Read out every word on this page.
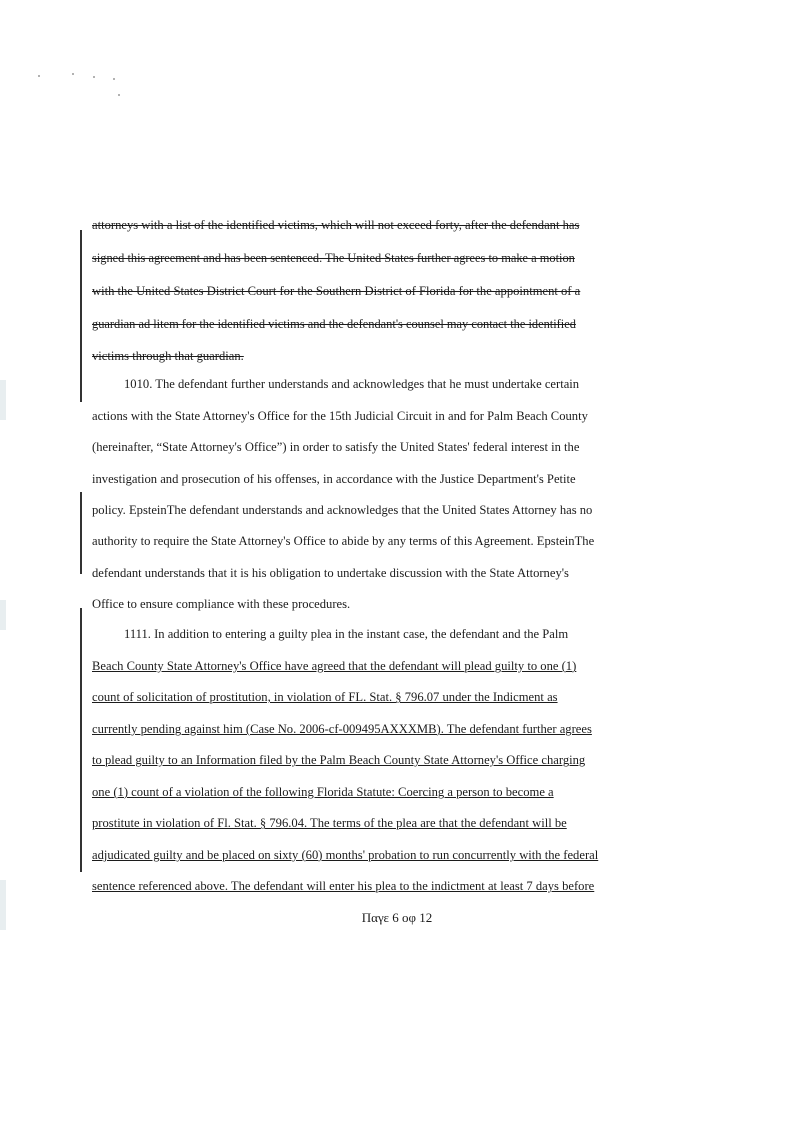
attorneys with a list of the identified victims, which will not exceed forty, after the defendant has
signed this agreement and has been sentenced. The United States further agrees to make a motion
with the United States District Court for the Southern District of Florida for the appointment of a
guardian ad litem for the identified victims and the defendant's counsel may contact the identified
victims through that guardian.
1010. The defendant further understands and acknowledges that he must undertake certain
actions with the State Attorney's Office for the 15th Judicial Circuit in and for Palm Beach County
(hereinafter, “State Attorney's Office”) in order to satisfy the United States' federal interest in the
investigation and prosecution of his offenses, in accordance with the Justice Department's Petite
policy. EpsteinThe defendant understands and acknowledges that the United States Attorney has no
authority to require the State Attorney's Office to abide by any terms of this Agreement. EpsteinThe
defendant understands that it is his obligation to undertake discussion with the State Attorney's
Office to ensure compliance with these procedures.
1111. In addition to entering a guilty plea in the instant case, the defendant and the Palm
Beach County State Attorney's Office have agreed that the defendant will plead guilty to one (1)
count of solicitation of prostitution, in violation of FL. Stat. § 796.07 under the Indicment as
currently pending against him (Case No. 2006-cf-009495AXXXMB). The defendant further agrees
to plead guilty to an Information filed by the Palm Beach County State Attorney's Office charging
one (1) count of a violation of the following Florida Statute: Coercing a person to become a
prostitute in violation of Fl. Stat. § 796.04. The terms of the plea are that the defendant will be
adjudicated guilty and be placed on sixty (60) months' probation to run concurrently with the federal
sentence referenced above. The defendant will enter his plea to the indictment at least 7 days before
Παγε 6 οφ 12
